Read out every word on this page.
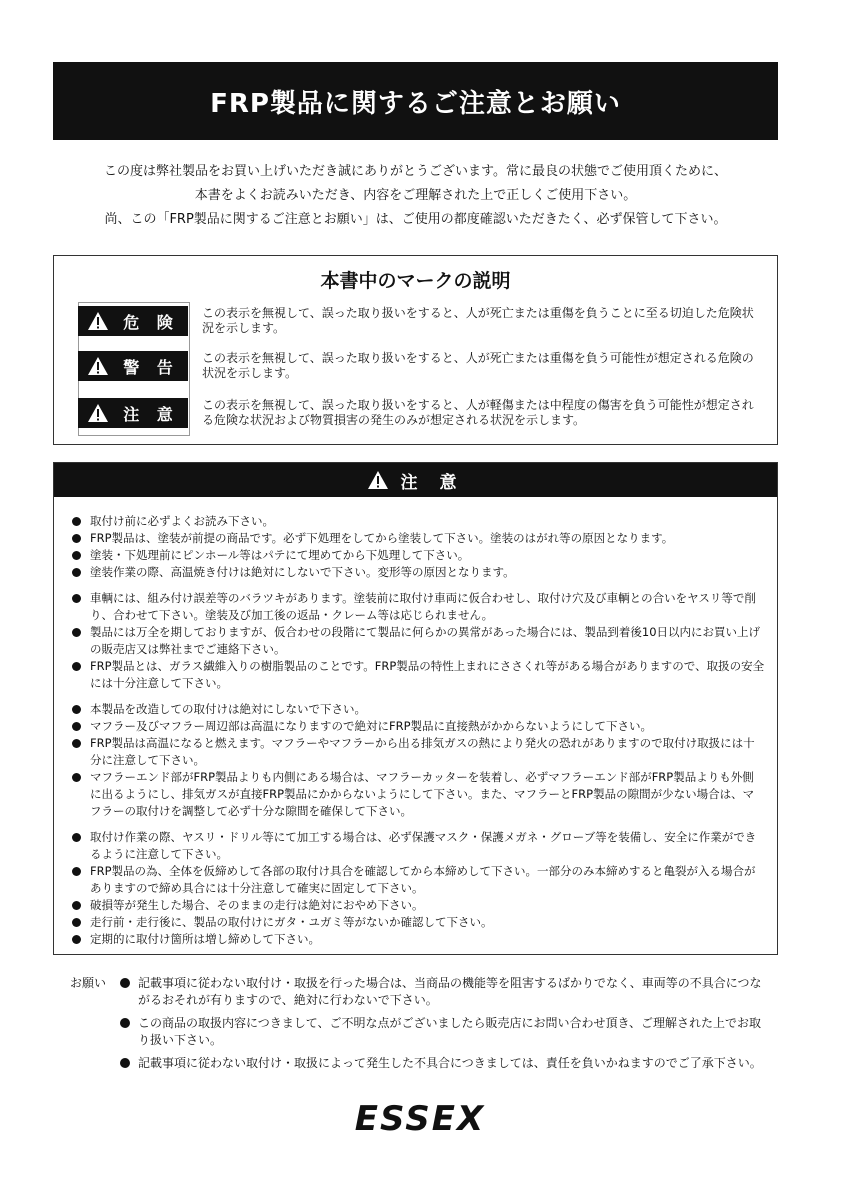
FRP製品に関するご注意とお願い
この度は弊社製品をお買い上げいただき誠にありがとうございます。常に最良の状態でご使用頂くために、
本書をよくお読みいただき、内容をご理解された上で正しくご使用下さい。
尚、この「FRP製品に関するご注意とお願い」は、ご使用の都度確認いただきたく、必ず保管して下さい。
本書中のマークの説明
危 険 この表示を無視して、誤った取り扱いをすると、人が死亡または重傷を負うことに至る切迫した危険状況を示します。
警 告 この表示を無視して、誤った取り扱いをすると、人が死亡または重傷を負う可能性が想定される危険の状況を示します。
注 意 この表示を無視して、誤った取り扱いをすると、人が軽傷または中程度の傷害を負う可能性が想定される危険な状況および物質損害の発生のみが想定される状況を示します。
注 意
取付け前に必ずよくお読み下さい。
FRP製品は、塗装が前提の商品です。必ず下処理をしてから塗装して下さい。塗装のはがれ等の原因となります。
塗装・下処理前にピンホール等はパテにて埋めてから下処理して下さい。
塗装作業の際、高温焼き付けは絶対にしないで下さい。変形等の原因となります。
車輌には、組み付け誤差等のバラツキがあります。塗装前に取付け車両に仮合わせし、取付け穴及び車輌との合いをヤスリ等で削り、合わせて下さい。塗装及び加工後の返品・クレーム等は応じられません。
製品には万全を期しておりますが、仮合わせの段階にて製品に何らかの異常があった場合には、製品到着後10日以内にお買い上げの販売店又は弊社までご連絡下さい。
FRP製品とは、ガラス繊維入りの樹脂製品のことです。FRP製品の特性上まれにささくれ等がある場合がありますので、取扱の安全には十分注意して下さい。
本製品を改造しての取付けは絶対にしないで下さい。
マフラー及びマフラー周辺部は高温になりますので絶対にFRP製品に直接熱がかからないようにして下さい。
FRP製品は高温になると燃えます。マフラーやマフラーから出る排気ガスの熱により発火の恐れがありますので取付け取扱には十分に注意して下さい。
マフラーエンド部がFRP製品よりも内側にある場合は、マフラーカッターを装着し、必ずマフラーエンド部がFRP製品よりも外側に出るようにし、排気ガスが直接FRP製品にかからないようにして下さい。また、マフラーとFRP製品の隙間が少ない場合は、マフラーの取付けを調整して必ず十分な隙間を確保して下さい。
取付け作業の際、ヤスリ・ドリル等にて加工する場合は、必ず保護マスク・保護メガネ・グローブ等を装備し、安全に作業ができるように注意して下さい。
FRP製品の為、全体を仮締めして各部の取付け具合を確認してから本締めして下さい。一部分のみ本締めすると亀裂が入る場合がありますので締め具合には十分注意して確実に固定して下さい。
破損等が発生した場合、そのままの走行は絶対におやめ下さい。
走行前・走行後に、製品の取付けにガタ・ユガミ等がないか確認して下さい。
定期的に取付け箇所は増し締めして下さい。
お願い	記載事項に従わない取付け・取扱を行った場合は、当商品の機能等を阻害するばかりでなく、車両等の不具合につながるおそれが有りますので、絶対に行わないで下さい。
この商品の取扱内容につきまして、ご不明な点がございましたら販売店にお問い合わせ頂き、ご理解された上でお取り扱い下さい。
記載事項に従わない取付け・取扱によって発生した不具合につきましては、責任を負いかねますのでご了承下さい。
ESSEX
